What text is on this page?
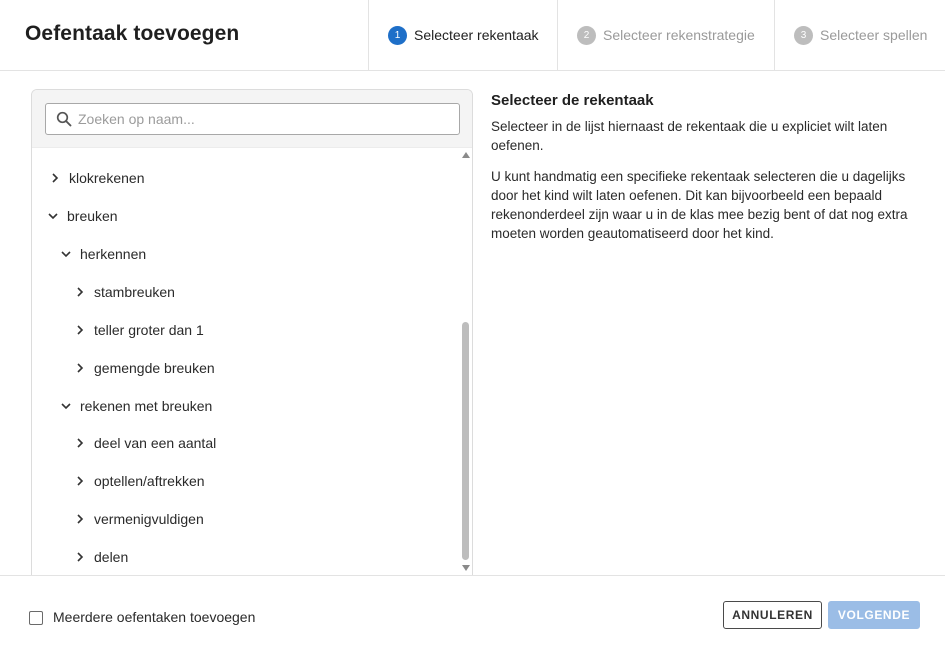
Oefentaak toevoegen	1 Selecteer rekentaak	2 Selecteer rekenstrategie	3 Selecteer spellen
Zoeken op naam...
klokrekenen
breuken
herkennen
stambreuken
teller groter dan 1
gemengde breuken
rekenen met breuken
deel van een aantal
optellen/aftrekken
vermenigvuldigen
delen
Selecteer de rekentaak

Selecteer in de lijst hiernaast de rekentaak die u expliciet wilt laten oefenen.

U kunt handmatig een specifieke rekentaak selecteren die u dagelijks door het kind wilt laten oefenen. Dit kan bijvoorbeeld een bepaald rekenonderdeel zijn waar u in de klas mee bezig bent of dat nog extra moeten worden geautomatiseerd door het kind.

Meerdere oefentaken toevoegen	ANNULEREN	VOLGENDE
